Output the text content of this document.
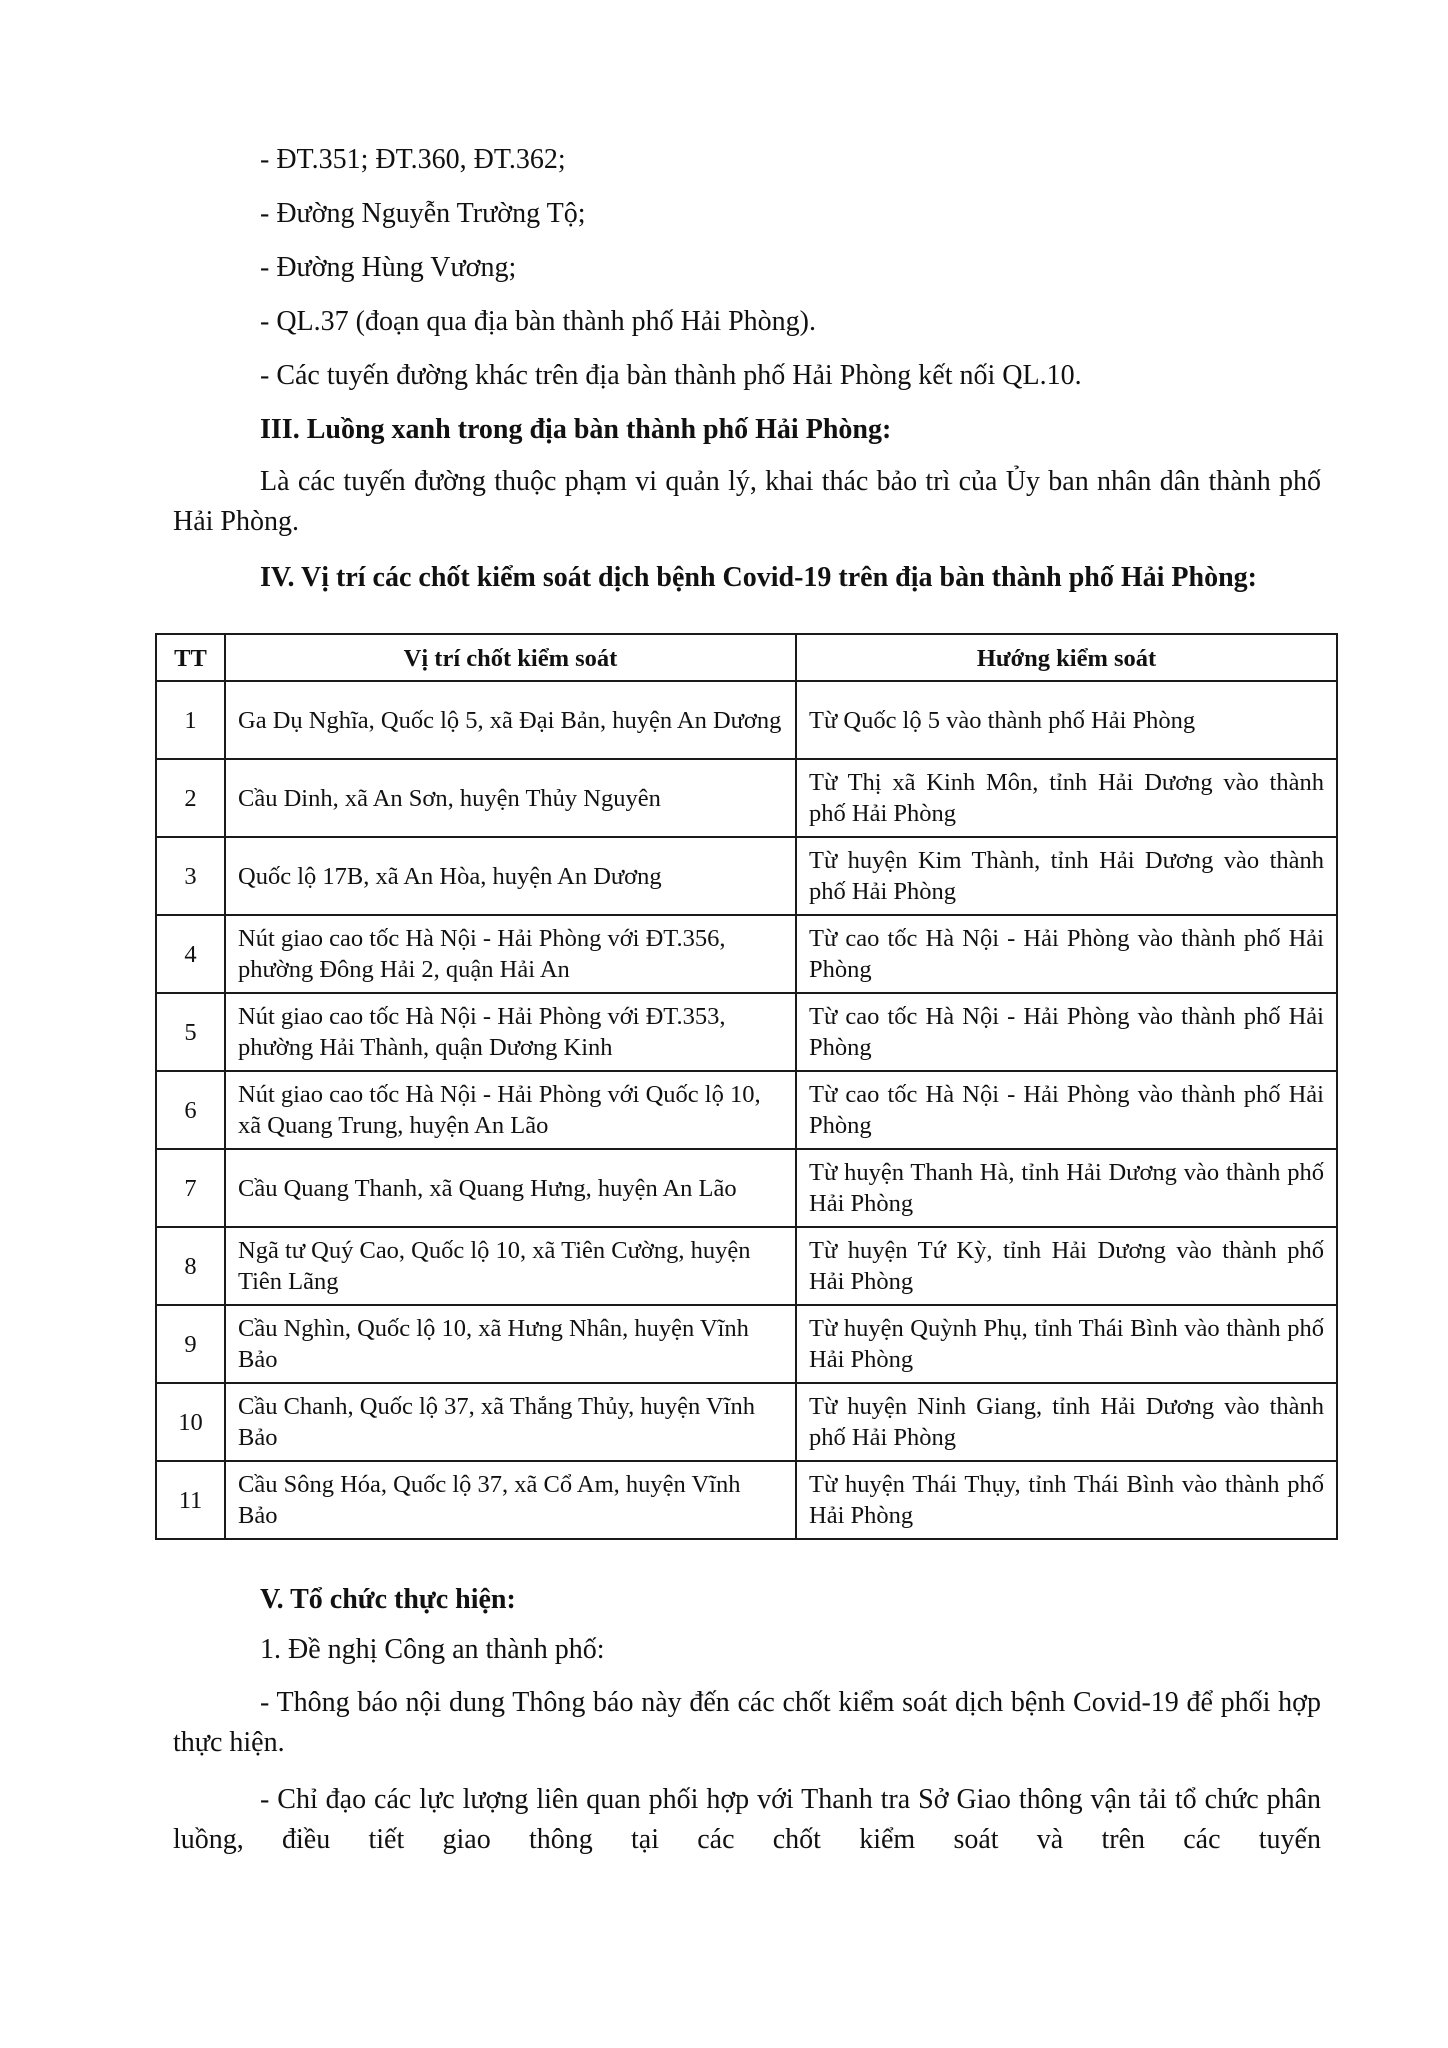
- ĐT.351; ĐT.360, ĐT.362;
- Đường Nguyễn Trường Tộ;
- Đường Hùng Vương;
- QL.37 (đoạn qua địa bàn thành phố Hải Phòng).
- Các tuyến đường khác trên địa bàn thành phố Hải Phòng kết nối QL.10.
III. Luồng xanh trong địa bàn thành phố Hải Phòng:
Là các tuyến đường thuộc phạm vi quản lý, khai thác bảo trì của Ủy ban nhân dân thành phố Hải Phòng.
IV. Vị trí các chốt kiểm soát dịch bệnh Covid-19 trên địa bàn thành phố Hải Phòng:
TT	Vị trí chốt kiểm soát	Hướng kiểm soát
1	Ga Dụ Nghĩa, Quốc lộ 5, xã Đại Bản, huyện An Dương	Từ Quốc lộ 5 vào thành phố Hải Phòng
2	Cầu Dinh, xã An Sơn, huyện Thủy Nguyên	Từ Thị xã Kinh Môn, tỉnh Hải Dương vào thành phố Hải Phòng
3	Quốc lộ 17B, xã An Hòa, huyện An Dương	Từ huyện Kim Thành, tỉnh Hải Dương vào thành phố Hải Phòng
4	Nút giao cao tốc Hà Nội - Hải Phòng với ĐT.356, phường Đông Hải 2, quận Hải An	Từ cao tốc Hà Nội - Hải Phòng vào thành phố Hải Phòng
5	Nút giao cao tốc Hà Nội - Hải Phòng với ĐT.353, phường Hải Thành, quận Dương Kinh	Từ cao tốc Hà Nội - Hải Phòng vào thành phố Hải Phòng
6	Nút giao cao tốc Hà Nội - Hải Phòng với Quốc lộ 10, xã Quang Trung, huyện An Lão	Từ cao tốc Hà Nội - Hải Phòng vào thành phố Hải Phòng
7	Cầu Quang Thanh, xã Quang Hưng, huyện An Lão	Từ huyện Thanh Hà, tỉnh Hải Dương vào thành phố Hải Phòng
8	Ngã tư Quý Cao, Quốc lộ 10, xã Tiên Cường, huyện Tiên Lãng	Từ huyện Tứ Kỳ, tỉnh Hải Dương vào thành phố Hải Phòng
9	Cầu Nghìn, Quốc lộ 10, xã Hưng Nhân, huyện Vĩnh Bảo	Từ huyện Quỳnh Phụ, tỉnh Thái Bình vào thành phố Hải Phòng
10	Cầu Chanh, Quốc lộ 37, xã Thắng Thủy, huyện Vĩnh Bảo	Từ huyện Ninh Giang, tỉnh Hải Dương vào thành phố Hải Phòng
11	Cầu Sông Hóa, Quốc lộ 37, xã Cổ Am, huyện Vĩnh Bảo	Từ huyện Thái Thụy, tỉnh Thái Bình vào thành phố Hải Phòng
V. Tổ chức thực hiện:
1. Đề nghị Công an thành phố:
- Thông báo nội dung Thông báo này đến các chốt kiểm soát dịch bệnh Covid-19 để phối hợp thực hiện.
- Chỉ đạo các lực lượng liên quan phối hợp với Thanh tra Sở Giao thông vận tải tổ chức phân luồng, điều tiết giao thông tại các chốt kiểm soát và trên các tuyến
